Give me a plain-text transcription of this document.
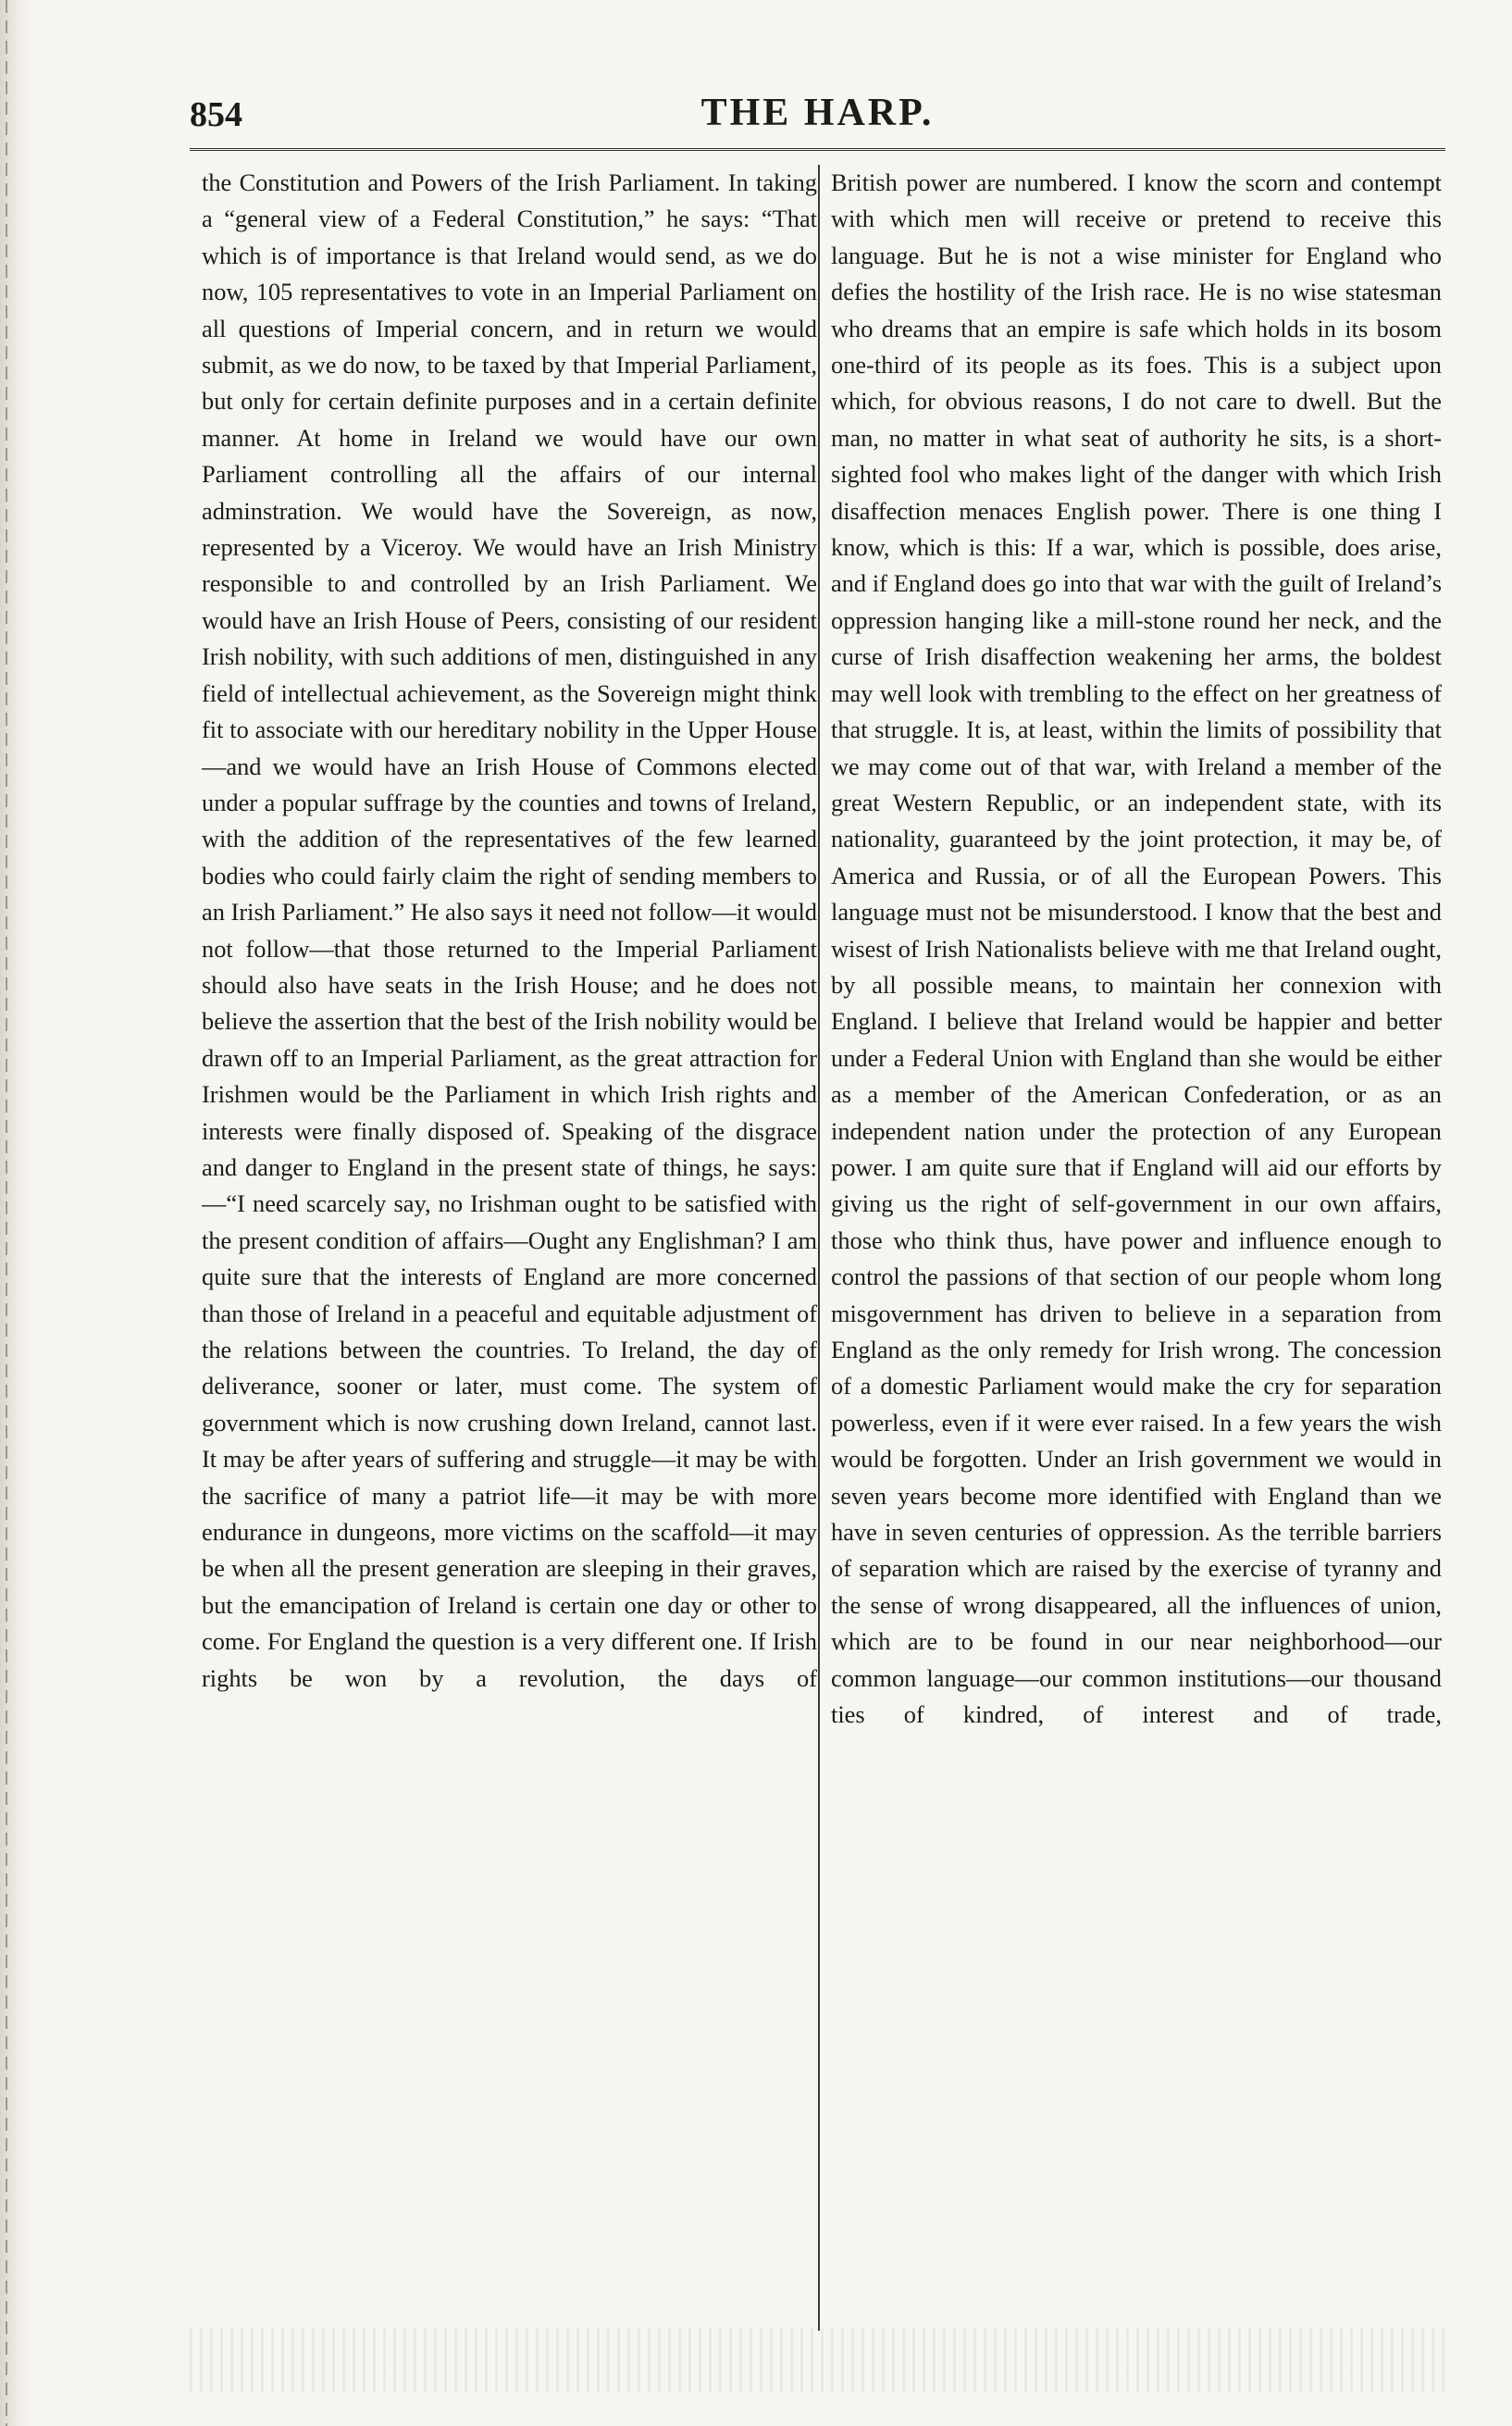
854	THE HARP.

the Constitution and Powers of the Irish Parliament. In taking a “general view of a Federal Constitution,” he says: “That which is of importance is that Ireland would send, as we do now, 105 representatives to vote in an Imperial Parliament on all questions of Imperial concern, and in return we would submit, as we do now, to be taxed by that Imperial Parliament, but only for certain definite purposes and in a certain definite manner. At home in Ireland we would have our own Parliament controlling all the affairs of our internal adminstration. We would have the Sovereign, as now, represented by a Viceroy. We would have an Irish Ministry responsible to and controlled by an Irish Parliament. We would have an Irish House of Peers, consisting of our resident Irish nobility, with such additions of men, distinguished in any field of intellectual achievement, as the Sovereign might think fit to associate with our hereditary nobility in the Upper House—and we would have an Irish House of Commons elected under a popular suffrage by the counties and towns of Ireland, with the addition of the representatives of the few learned bodies who could fairly claim the right of sending members to an Irish Parliament.” He also says it need not follow—it would not follow—that those returned to the Imperial Parliament should also have seats in the Irish House; and he does not believe the assertion that the best of the Irish nobility would be drawn off to an Imperial Parliament, as the great attraction for Irishmen would be the Parliament in which Irish rights and interests were finally disposed of. Speaking of the disgrace and danger to England in the present state of things, he says:—“I need scarcely say, no Irishman ought to be satisfied with the present condition of affairs—Ought any Englishman? I am quite sure that the interests of England are more concerned than those of Ireland in a peaceful and equitable adjustment of the relations between the countries. To Ireland, the day of deliverance, sooner or later, must come. The system of government which is now crushing down Ireland, cannot last. It may be after years of suffering and struggle—it may be with the sacrifice of many a patriot life—it may be with more endurance in dungeons, more victims on the scaffold—it may be when all the present generation are sleeping in their graves, but the emancipation of Ireland is certain one day or other to come. For England the question is a very different one. If Irish rights be won by a revolution, the days of

British power are numbered. I know the scorn and contempt with which men will receive or pretend to receive this language. But he is not a wise minister for England who defies the hostility of the Irish race. He is no wise statesman who dreams that an empire is safe which holds in its bosom one-third of its people as its foes. This is a subject upon which, for obvious reasons, I do not care to dwell. But the man, no matter in what seat of authority he sits, is a short-sighted fool who makes light of the danger with which Irish disaffection menaces English power. There is one thing I know, which is this: If a war, which is possible, does arise, and if England does go into that war with the guilt of Ireland’s oppression hanging like a mill-stone round her neck, and the curse of Irish disaffection weakening her arms, the boldest may well look with trembling to the effect on her greatness of that struggle. It is, at least, within the limits of possibility that we may come out of that war, with Ireland a member of the great Western Republic, or an independent state, with its nationality, guaranteed by the joint protection, it may be, of America and Russia, or of all the European Powers. This language must not be misunderstood. I know that the best and wisest of Irish Nationalists believe with me that Ireland ought, by all possible means, to maintain her connexion with England. I believe that Ireland would be happier and better under a Federal Union with England than she would be either as a member of the American Confederation, or as an independent nation under the protection of any European power. I am quite sure that if England will aid our efforts by giving us the right of self-government in our own affairs, those who think thus, have power and influence enough to control the passions of that section of our people whom long misgovernment has driven to believe in a separation from England as the only remedy for Irish wrong. The concession of a domestic Parliament would make the cry for separation powerless, even if it were ever raised. In a few years the wish would be forgotten. Under an Irish government we would in seven years become more identified with England than we have in seven centuries of oppression. As the terrible barriers of separation which are raised by the exercise of tyranny and the sense of wrong disappeared, all the influences of union, which are to be found in our near neighborhood—our common language—our common institutions—our thousand ties of kindred, of interest and of trade,
